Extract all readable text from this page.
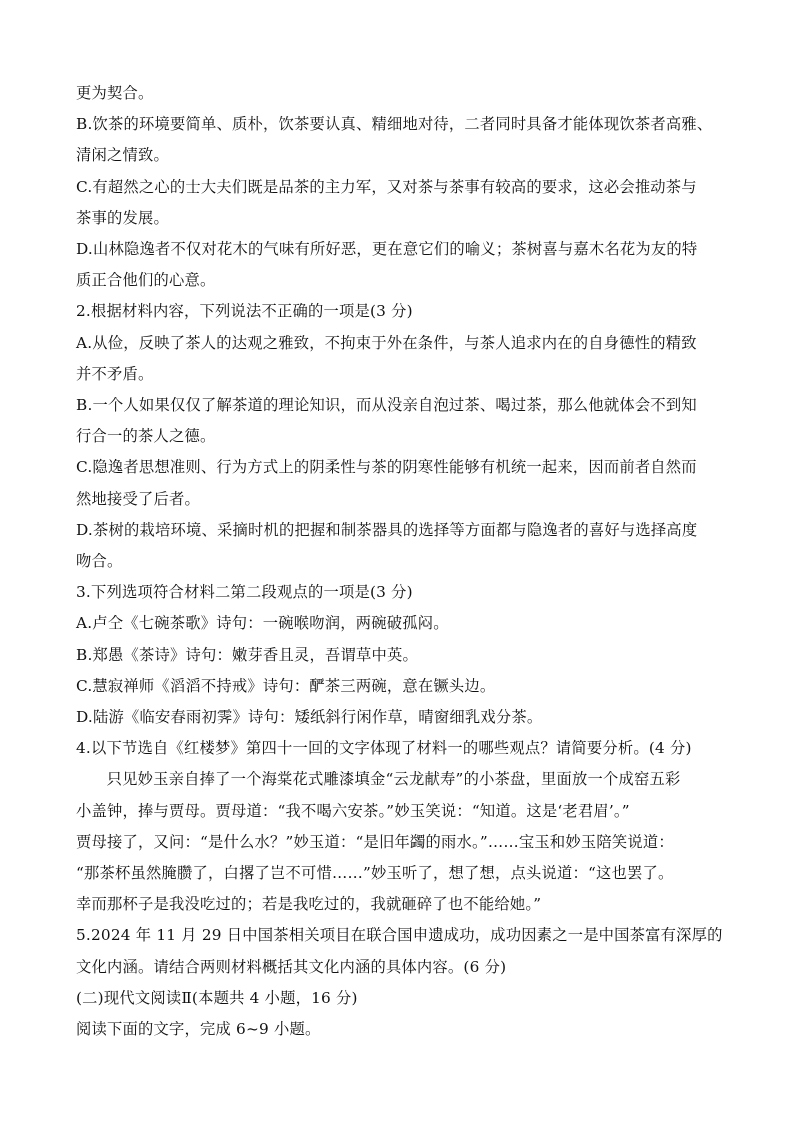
更为契合。

B.饮茶的环境要简单、质朴，饮茶要认真、精细地对待，二者同时具备才能体现饮茶者高雅、

清闲之情致。

C.有超然之心的士大夫们既是品茶的主力军，又对茶与茶事有较高的要求，这必会推动茶与

茶事的发展。

D.山林隐逸者不仅对花木的气味有所好恶，更在意它们的喻义；茶树喜与嘉木名花为友的特

质正合他们的心意。

2.根据材料内容，下列说法不正确的一项是(3 分)

A.从俭，反映了茶人的达观之雅致，不拘束于外在条件，与茶人追求内在的自身德性的精致

并不矛盾。

B.一个人如果仅仅了解茶道的理论知识，而从没亲自泡过茶、喝过茶，那么他就体会不到知

行合一的茶人之德。

C.隐逸者思想准则、行为方式上的阴柔性与茶的阴寒性能够有机统一起来，因而前者自然而

然地接受了后者。

D.茶树的栽培环境、采摘时机的把握和制茶器具的选择等方面都与隐逸者的喜好与选择高度

吻合。

3.下列选项符合材料二第二段观点的一项是(3 分)

A.卢仝《七碗茶歌》诗句：一碗喉吻润，两碗破孤闷。

B.郑愚《茶诗》诗句：嫩芽香且灵，吾谓草中英。

C.慧寂禅师《滔滔不持戒》诗句：酽茶三两碗，意在镢头边。

D.陆游《临安春雨初霁》诗句：矮纸斜行闲作草，晴窗细乳戏分茶。

4.以下节选自《红楼梦》第四十一回的文字体现了材料一的哪些观点？请简要分析。(4 分)

只见妙玉亲自捧了一个海棠花式雕漆填金“云龙献寿”的小茶盘，里面放一个成窑五彩

小盖钟，捧与贾母。贾母道：“我不喝六安茶。”妙玉笑说：“知道。这是‘老君眉’。”

贾母接了，又问：“是什么水？”妙玉道：“是旧年蠲的雨水。”……宝玉和妙玉陪笑说道：

“那茶杯虽然腌臜了，白撂了岂不可惜……”妙玉听了，想了想，点头说道：“这也罢了。

幸而那杯子是我没吃过的；若是我吃过的，我就砸碎了也不能给她。”

5.2024 年 11 月 29 日中国茶相关项目在联合国申遗成功，成功因素之一是中国茶富有深厚的

文化内涵。请结合两则材料概括其文化内涵的具体内容。(6 分)

(二)现代文阅读Ⅱ(本题共 4 小题，16 分)

阅读下面的文字，完成 6~9 小题。
